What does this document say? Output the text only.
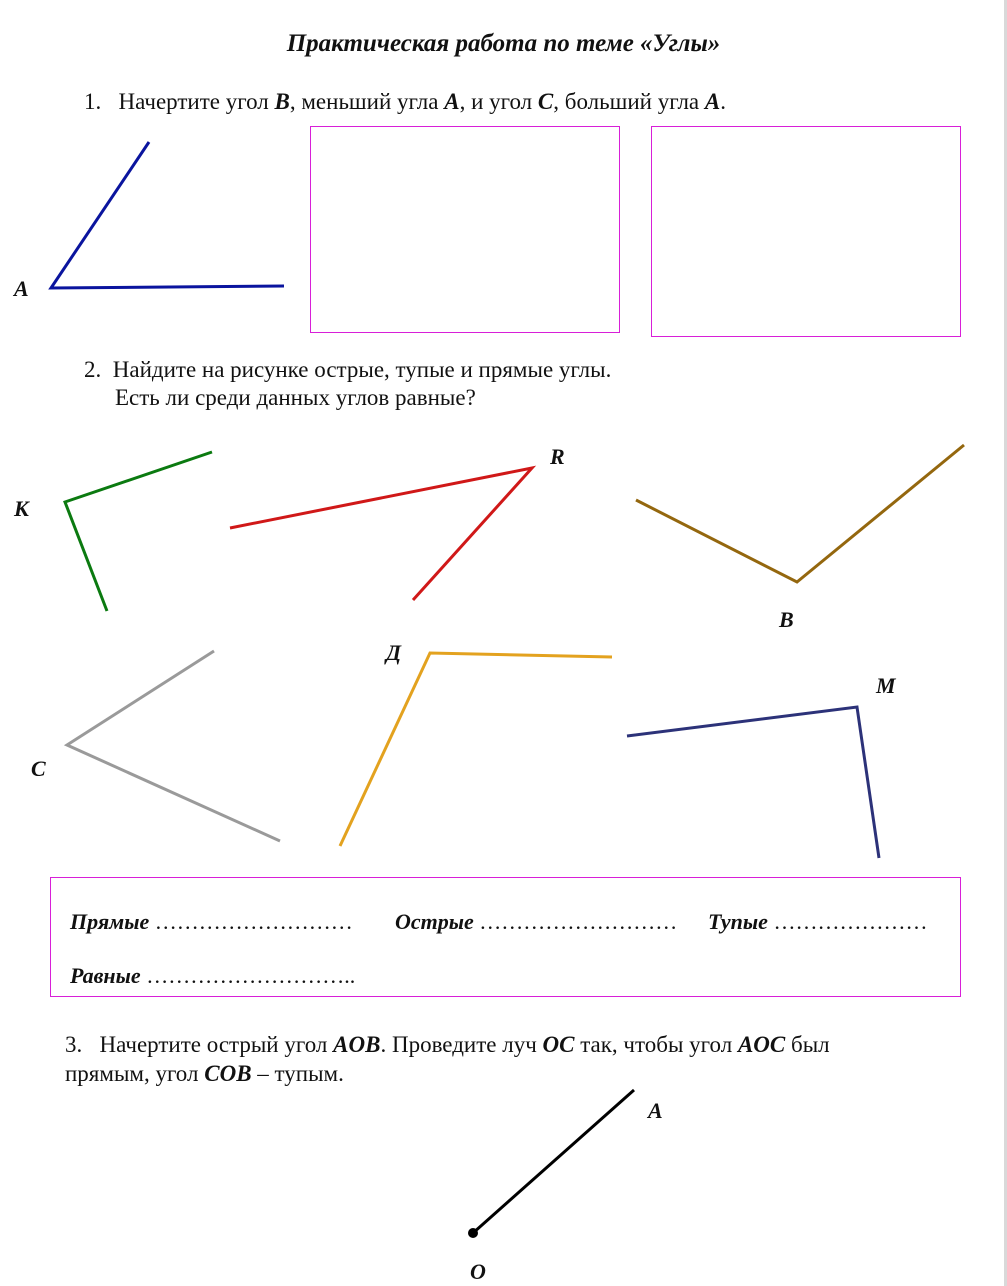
Практическая работа по теме «Углы»
1. Начертите угол B, меньший угла A, и угол C, больший угла A.
2. Найдите на рисунке острые, тупые и прямые углы.
Есть ли среди данных углов равные?
A
К
R
B
Д
C
M
A
O
Прямые ……………………… Острые ……………………… Тупые …………………
Равные ………………………..
3. Начертите острый угол AOB. Проведите луч OC так, чтобы угол AOC был
прямым, угол COB – тупым.
